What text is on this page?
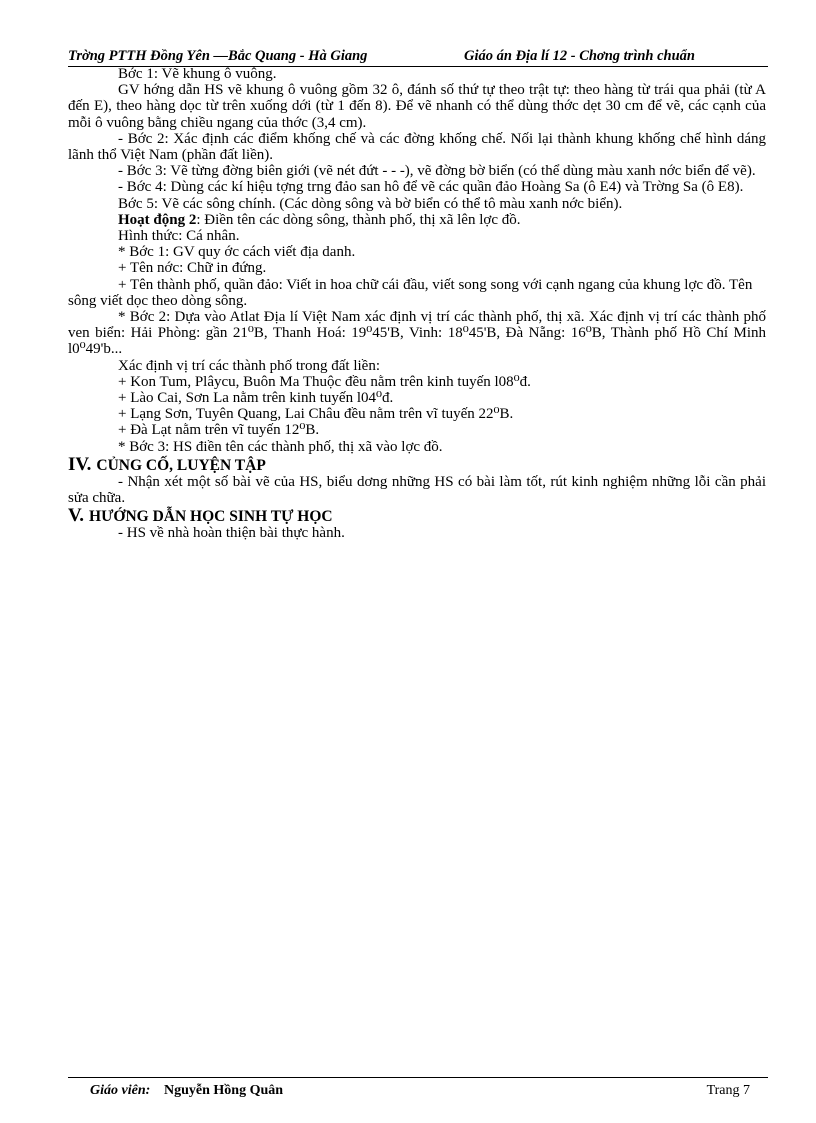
Trờng PTTH Đồng Yên —Bắc Quang - Hà Giang	Giáo án Địa lí 12 - Chơng trình chuẩn

Bớc 1: Vẽ khung ô vuông.

GV hớng dẫn HS vẽ khung ô vuông gồm 32 ô, đánh số thứ tự theo trật tự: theo hàng từ trái qua phải (từ A đến E), theo hàng dọc từ trên xuống dới (từ 1 đến 8). Để vẽ nhanh có thể dùng thớc dẹt 30 cm để vẽ, các cạnh của mỗi ô vuông bằng chiều ngang của thớc (3,4 cm).

- Bớc 2: Xác định các điểm khống chế và các đờng khống chế. Nối lại thành khung khống chế hình dáng lãnh thổ Việt Nam (phần đất liền).

- Bớc 3: Vẽ từng đờng biên giới (vẽ nét đứt - - -), vẽ đờng bờ biển (có thể dùng màu xanh nớc biển để vẽ).

- Bớc 4: Dùng các kí hiệu tợng trng đảo san hô để vẽ các quần đảo Hoàng Sa (ô E4) và Trờng Sa (ô E8).

Bớc 5: Vẽ các sông chính. (Các dòng sông và bờ biển có thể tô màu xanh nớc biển).

Hoạt động 2: Điền tên các dòng sông, thành phố, thị xã lên lợc đồ.

Hình thức: Cá nhân.

* Bớc 1: GV quy ớc cách viết địa danh.

+ Tên nớc: Chữ in đứng.

+ Tên thành phố, quần đảo: Viết in hoa chữ cái đầu, viết song song với cạnh ngang của khung lợc đồ. Tên sông viết dọc theo dòng sông.

* Bớc 2: Dựa vào Atlat Địa lí Việt Nam xác định vị trí các thành phố, thị xã. Xác định vị trí các thành phố ven biển: Hải Phòng: gần 21⁰B, Thanh Hoá: 19⁰45'B, Vinh: 18⁰45'B, Đà Nẵng: 16⁰B, Thành phố Hồ Chí Minh l0⁰49'b...

Xác định vị trí các thành phố trong đất liền:

+ Kon Tum, Plâycu, Buôn Ma Thuộc đều nằm trên kinh tuyến l08⁰đ.

+ Lào Cai, Sơn La nằm trên kinh tuyến l04⁰đ.

+ Lạng Sơn, Tuyên Quang, Lai Châu đều nằm trên vĩ tuyến 22⁰B.

+ Đà Lạt nằm trên vĩ tuyến 12⁰B.

* Bớc 3: HS điền tên các thành phố, thị xã vào lợc đồ.

IV. CỦNG CỐ, LUYỆN TẬP

- Nhận xét một số bài vẽ của HS, biểu dơng những HS có bài làm tốt, rút kinh nghiệm những lỗi cần phải sửa chữa.

V. HƯỚNG DẪN HỌC SINH TỰ HỌC

- HS về nhà hoàn thiện bài thực hành.

Giáo viên: Nguyễn Hồng Quân	Trang 7
